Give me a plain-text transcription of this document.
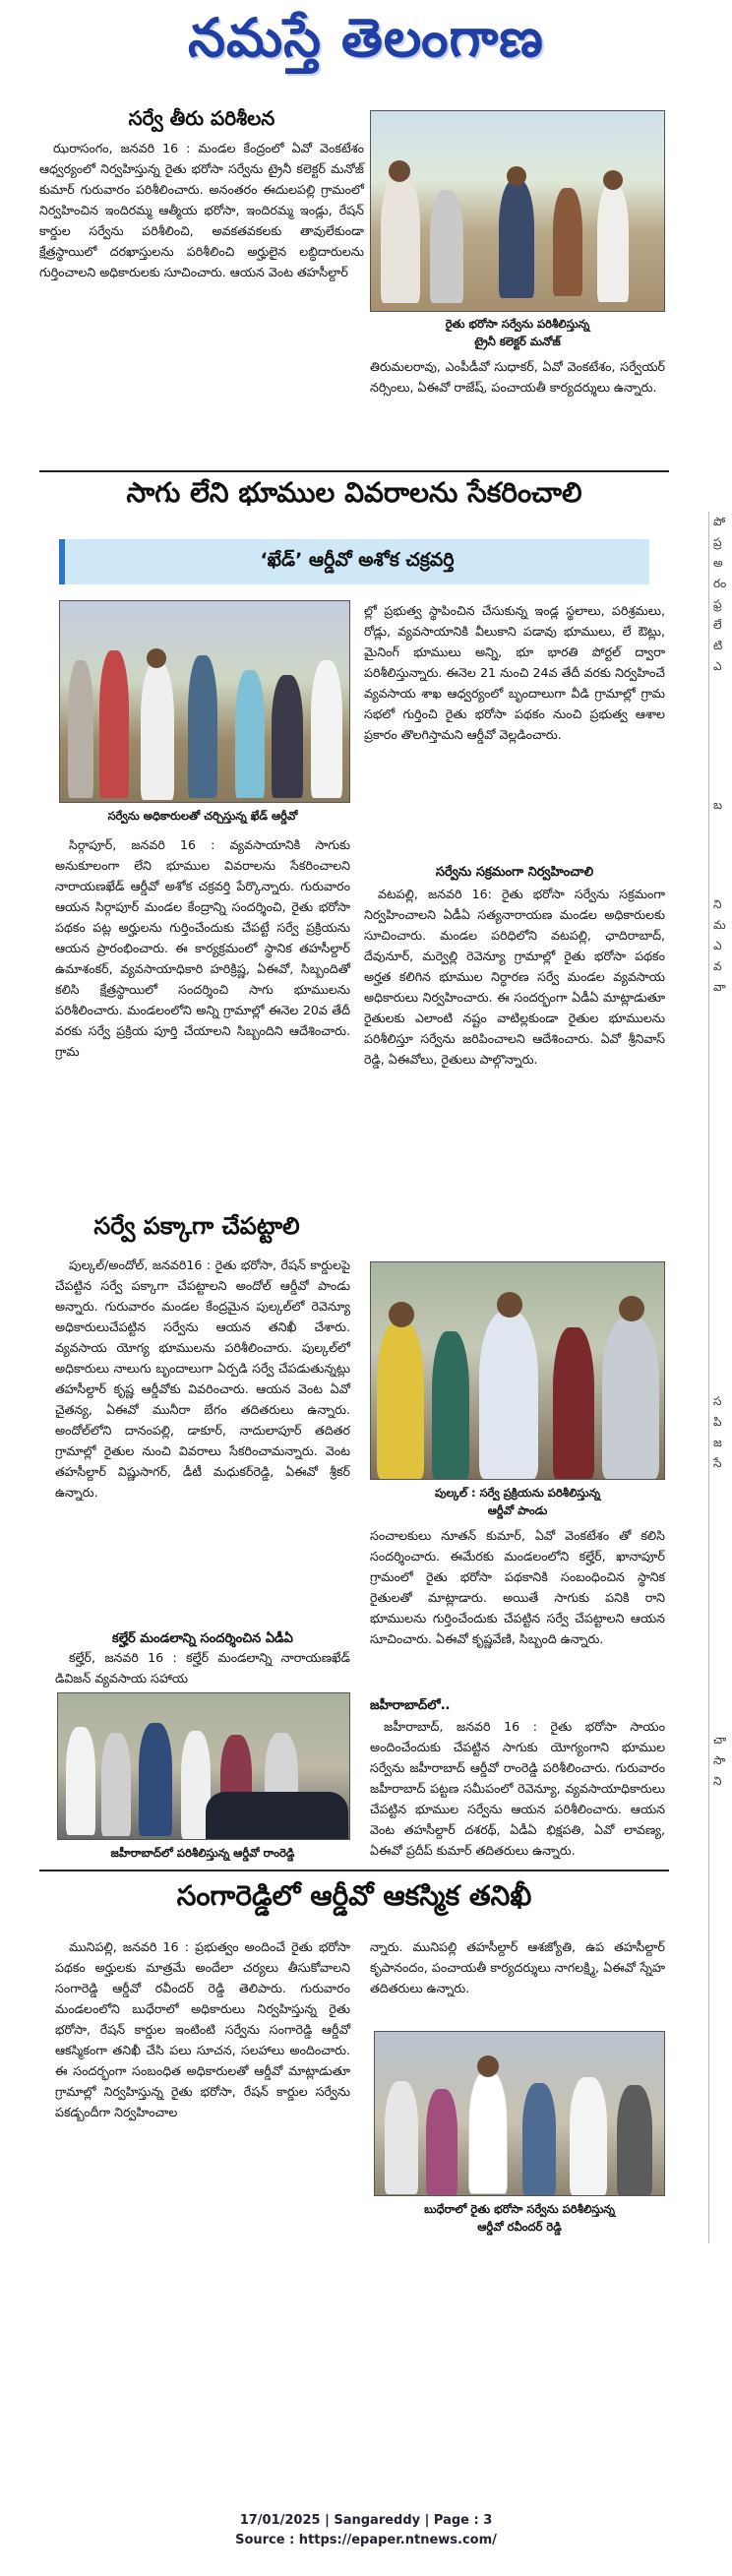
నమస్తే తెలంగాణ
సర్వే తీరు పరిశీలన

ఝరాసంగం, జనవరి 16 : మండల కేంద్రంలో ఏవో వెంకటేశం ఆధ్వర్యంలో నిర్వహిస్తున్న రైతు భరోసా సర్వేను ట్రైనీ కలెక్టర్ మనోజ్ కుమార్ గురువారం పరిశీలించారు. అనంతరం ఈదులపల్లి గ్రామంలో నిర్వహించిన ఇందిరమ్మ ఆత్మీయ భరోసా, ఇందిరమ్మ ఇండ్లు, రేషన్ కార్డుల సర్వేను పరిశీలించి, అవకతవకలకు తావులేకుండా క్షేత్రస్థాయిలో దరఖాస్తులను పరిశీలించి అర్హులైన లబ్ధిదారులను గుర్తించాలని అధికారులకు సూచించారు. ఆయన వెంట తహసీల్దార్

రైతు భరోసా సర్వేను పరిశీలిస్తున్న
ట్రైనీ కలెక్టర్ మనోజ్

తిరుమలరావు, ఎంపీడీవో సుధాకర్, ఏవో వెంకటేశం, సర్వేయర్ నర్సింలు, ఏఈవో రాజేష్, పంచాయతీ కార్యదర్శులు ఉన్నారు.

సాగు లేని భూముల వివరాలను సేకరించాలి
‘ఖేడ్’ ఆర్డీవో అశోక చక్రవర్తి
సర్వేను అధికారులతో చర్చిస్తున్న ఖేడ్ ఆర్డీవో

సిర్గాపూర్, జనవరి 16 : వ్యవసాయానికి సాగుకు అనుకూలంగా లేని భూముల వివరాలను సేకరించాలని నారాయణఖేడ్ ఆర్డీవో అశోక చక్రవర్తి పేర్కొన్నారు. గురువారం ఆయన సిర్గాపూర్ మండల కేంద్రాన్ని సందర్శించి, రైతు భరోసా పథకం పట్ల అర్హులను గుర్తించేందుకు చేపట్టే సర్వే ప్రక్రియను ఆయన ప్రారంభించారు. ఈ కార్యక్రమంలో స్థానిక తహసీల్దార్ ఉమాశంకర్, వ్యవసాయాధికారి హరిక్రిష్ణ, ఏఈవో, సిబ్బందితో కలిసి క్షేత్రస్థాయిలో సందర్శించి సాగు భూములను పరిశీలించారు. మండలంలోని అన్ని గ్రామాల్లో ఈనెల 20వ తేదీ వరకు సర్వే ప్రక్రియ పూర్తి చేయాలని సిబ్బందిని ఆదేశించారు. గ్రామ

ల్లో ప్రభుత్వ స్థాపించిన చేసుకున్న ఇండ్ల స్థలాలు, పరిశ్రమలు, రోడ్లు, వ్యవసాయానికి వీలుకాని పడావు భూములు, లే ఔట్లు, మైనింగ్ భూములు అన్ని, భూ భారతి పోర్టల్ ద్వారా పరిశీలిస్తున్నారు. ఈనెల 21 నుంచి 24వ తేదీ వరకు నిర్వహించే వ్యవసాయ శాఖ ఆధ్వర్యంలో బృందాలుగా వీడి గ్రామాల్లో గ్రామ సభలో గుర్తించి రైతు భరోసా పథకం నుంచి ప్రభుత్వ ఆశాల ప్రకారం తొలగిస్తామని ఆర్డీవో వెల్లడించారు.

సర్వేను సక్రమంగా నిర్వహించాలి

వటపల్లి, జనవరి 16: రైతు భరోసా సర్వేను సక్రమంగా నిర్వహించాలని ఏడీఏ సత్యనారాయణ మండల అధికారులకు సూచించారు. మండల పరిధిలోని వటపల్లి, ఛాదిరాబాద్, దేవునూర్, మర్వెల్లి రెవెన్యూ గ్రామాల్లో రైతు భరోసా పథకం అర్హత కలిగిన భూముల నిర్ధారణ సర్వే మండల వ్యవసాయ అధికారులు నిర్వహించారు. ఈ సందర్భంగా ఏడీఏ మాట్లాడుతూ రైతులకు ఎలాంటి నష్టం వాటిల్లకుండా రైతుల భూములను పరిశీలిస్తూ సర్వేను జరిపించాలని ఆదేశించారు. ఏవో శ్రీనివాస్ రెడ్డి, ఏఈవోలు, రైతులు పాల్గొన్నారు.

సర్వే పక్కాగా చేపట్టాలి

పుల్కల్/అందోల్, జనవరి16 : రైతు భరోసా, రేషన్ కార్డులపై చేపట్టిన సర్వే పక్కాగా చేపట్టాలని అందోల్ ఆర్డీవో పాండు అన్నారు. గురువారం మండల కేంద్రమైన పుల్కల్‌లో రెవెన్యూ అధికారులుచేపట్టిన సర్వేను ఆయన తనిఖీ చేశారు. వ్యవసాయ యోగ్య భూములను పరిశీలించారు. పుల్కల్‌లో అధికారులు నాలుగు బృందాలుగా ఏర్పడి సర్వే చేపడుతున్నట్లు తహసీల్దార్ కృష్ణ ఆర్డీవోకు వివరించారు. ఆయన వెంట ఏవో చైతన్య, ఏఈవో మునీరా బేగం తదితరులు ఉన్నారు. అందోల్‌లోని దానంపల్లి, డాకూర్, నాదులాపూర్ తదితర గ్రామాల్లో రైతుల నుంచి వివరాలు సేకరించామన్నారు. వెంట తహసీల్దార్ విష్ణుసాగర్, డీటీ మధుకర్‌రెడ్డి, ఏఈవో శ్రీకర్ ఉన్నారు.	పుల్కల్ : సర్వే ప్రక్రియను పరిశీలిస్తున్న
ఆర్డీవో పాండు
కల్హేర్ మండలాన్ని సందర్శించిన ఏడీఏ

కల్హేర్, జనవరి 16 : కల్హేర్ మండలాన్ని నారాయణఖేడ్ డివిజన్ వ్యవసాయ సహాయ

జహీరాబాద్‌లో పరిశీలిస్తున్న ఆర్డీవో రాంరెడ్డి

సంచాలకులు నూతన్ కుమార్, ఏవో వెంకటేశం తో కలిసి సందర్శించారు. ఈమేరకు మండలంలోని కల్హేర్, ఖానాపూర్ గ్రామంలో రైతు భరోసా పథకానికి సంబంధించిన స్థానిక రైతులతో మాట్లాడారు. అయితే సాగుకు పనికి రాని భూములను గుర్తించేందుకు చేపట్టిన సర్వే చేపట్టాలని ఆయన సూచించారు. ఏఈవో కృష్ణవేణి, సిబ్బంది ఉన్నారు.

జహీరాబాద్‌లో..

జహీరాబాద్, జనవరి 16 : రైతు భరోసా సాయం అందించేందుకు చేపట్టిన సాగుకు యోగ్యంగాని భూముల సర్వేను జహీరాబాద్ ఆర్డీవో రాంరెడ్డి పరిశీలించారు. గురువారం జహీరాబాద్ పట్టణ సమీపంలో రెవెన్యూ, వ్యవసాయాధికారులు చేపట్టిన భూముల సర్వేను ఆయన పరిశీలించారు. ఆయన వెంట తహసీల్దార్ దశరథ్, ఏడీఏ భిక్షపతి, ఏవో లావణ్య, ఏఈవో ప్రదీప్ కుమార్ తదితరులు ఉన్నారు.

సంగారెడ్డిలో ఆర్డీవో ఆకస్మిక తనిఖీ

మునిపల్లి, జనవరి 16 : ప్రభుత్వం అందించే రైతు భరోసా పథకం అర్హులకు మాత్రమే అందేలా చర్యలు తీసుకోవాలని సంగారెడ్డి ఆర్డీవో రవీందర్ రెడ్డి తెలిపారు. గురువారం మండలంలోని బుధేరాలో అధికారులు నిర్వహిస్తున్న రైతు భరోసా, రేషన్ కార్డుల ఇంటింటి సర్వేను సంగారెడ్డి ఆర్డీవో ఆకస్మికంగా తనిఖీ చేసి పలు సూచన, సలహాలు అందించారు. ఈ సందర్భంగా సంబంధిత అధికారులతో ఆర్డీవో మాట్లాడుతూ గ్రామాల్లో నిర్వహిస్తున్న రైతు భరోసా, రేషన్ కార్డుల సర్వేను పకడ్బందీగా నిర్వహించాల

న్నారు. మునిపల్లి తహసీల్దార్ ఆశజ్యోతి, ఉప తహసీల్దార్ కృపానందం, పంచాయతీ కార్యదర్శులు నాగలక్ష్మి, ఏఈవో స్నేహ తదితరులు ఉన్నారు.

బుధేరాలో రైతు భరోసా సర్వేను పరిశీలిస్తున్న
ఆర్డీవో రవీందర్ రెడ్డి
పో
ప్ర
అ
రం
ఫ్ర
లే
టి
ఎ
బ
ని
మ
ఎ
వ
వా
స
పి
జ
సే
చా
సా
ని
17/01/2025 | Sangareddy | Page : 3
Source : https://epaper.ntnews.com/
